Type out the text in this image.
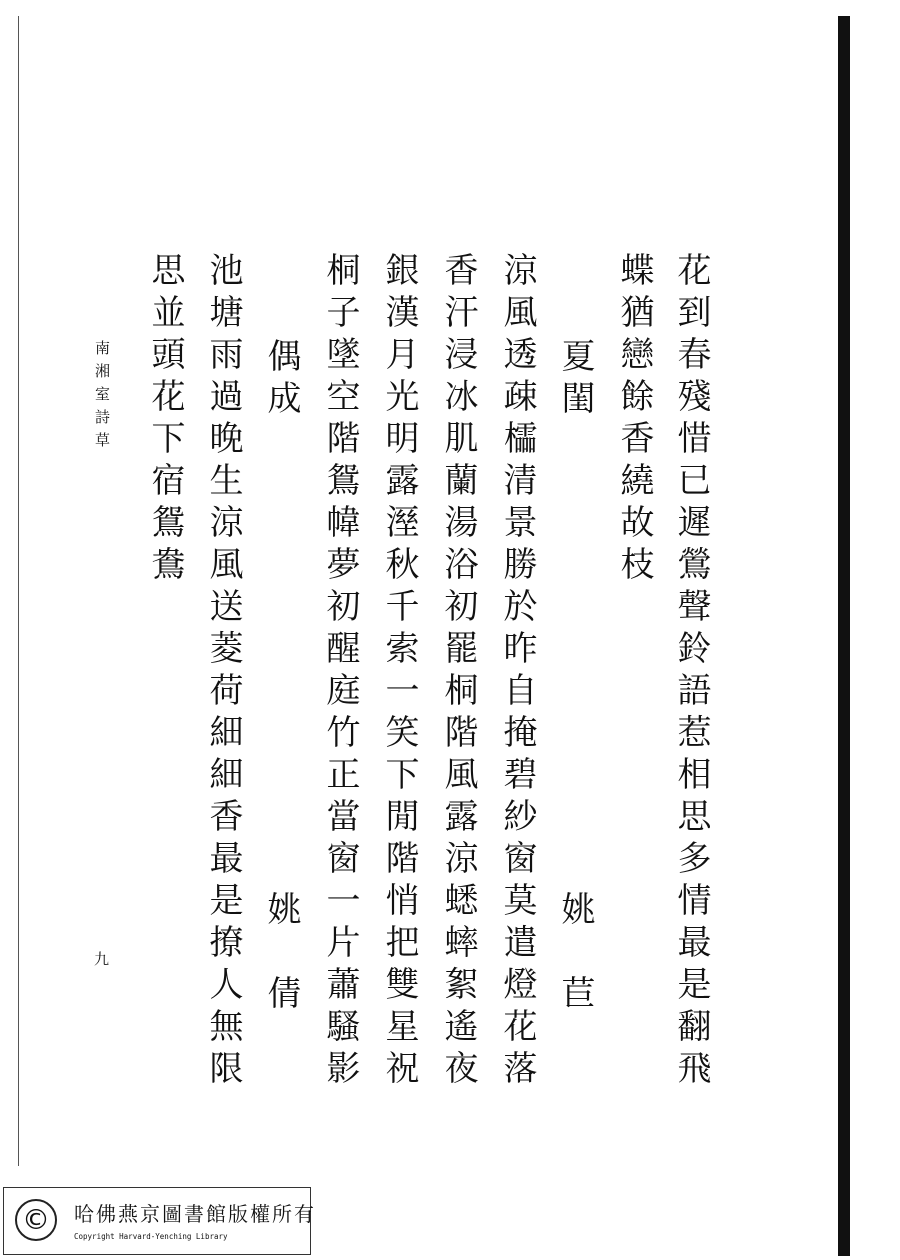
花到春殘惜已遲鶯聲鈴語惹相思多情最是翻飛
蝶猶戀餘香繞故枝
夏閨
姚　苣
涼風透疎櫺清景勝於昨自掩碧紗窗莫遣燈花落
香汗浸冰肌蘭湯浴初罷桐階風露涼蟋蟀絮遙夜
銀漢月光明露溼秋千索一笑下閒階悄把雙星祝
桐子墜空階鴛幃夢初醒庭竹正當窗一片蕭騷影
偶成
姚　倩
池塘雨過晚生涼風送菱荷細細香最是撩人無限
思並頭花下宿鴛鴦
南湘室詩草
九
©	哈佛燕京圖書館版權所有
Copyright Harvard-Yenching Library
